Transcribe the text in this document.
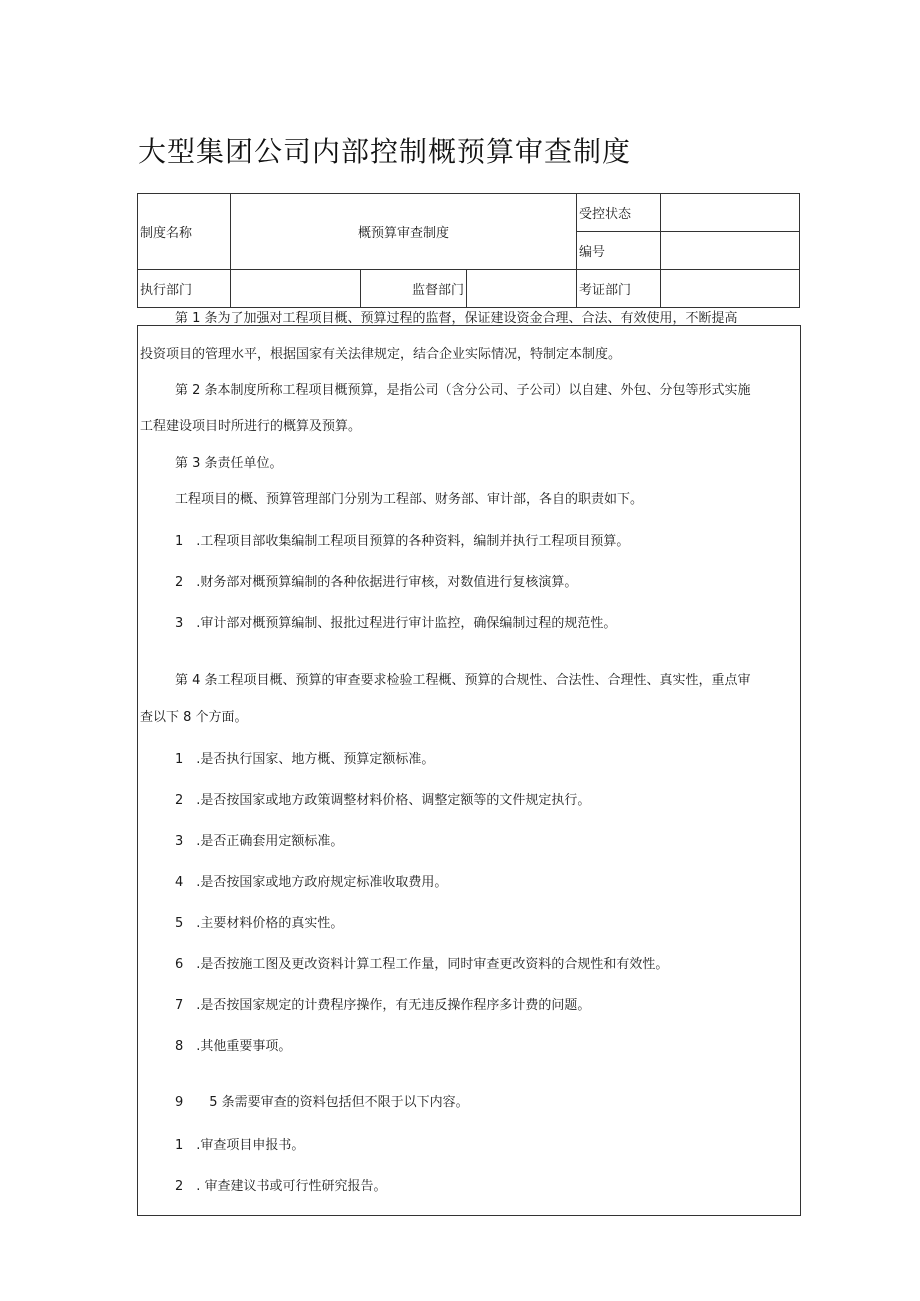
大型集团公司内部控制概预算审查制度
制度名称	概预算审查制度			受控状态	
				编号	
执行部门		监督部门		考证部门	
第 1 条为了加强对工程项目概、预算过程的监督，保证建设资金合理、合法、有效使用，不断提高
投资项目的管理水平，根据国家有关法律规定，结合企业实际情况，特制定本制度。
第 2 条本制度所称工程项目概预算，是指公司（含分公司、子公司）以自建、外包、分包等形式实施
工程建设项目时所进行的概算及预算。
第 3 条责任单位。
工程项目的概、预算管理部门分别为工程部、财务部、审计部，各自的职责如下。
1　.工程项目部收集编制工程项目预算的各种资料，编制并执行工程项目预算。
2　.财务部对概预算编制的各种依据进行审核，对数值进行复核演算。
3　.审计部对概预算编制、报批过程进行审计监控，确保编制过程的规范性。
第 4 条工程项目概、预算的审查要求检验工程概、预算的合规性、合法性、合理性、真实性，重点审
查以下 8 个方面。
1　.是否执行国家、地方概、预算定额标准。
2　.是否按国家或地方政策调整材料价格、调整定额等的文件规定执行。
3　.是否正确套用定额标准。
4　.是否按国家或地方政府规定标准收取费用。
5　.主要材料价格的真实性。
6　.是否按施工图及更改资料计算工程工作量，同时审查更改资料的合规性和有效性。
7　.是否按国家规定的计费程序操作，有无违反操作程序多计费的问题。
8　.其他重要事项。
9　　5 条需要审查的资料包括但不限于以下内容。
1　.审查项目申报书。
2　. 审查建议书或可行性研究报告。
